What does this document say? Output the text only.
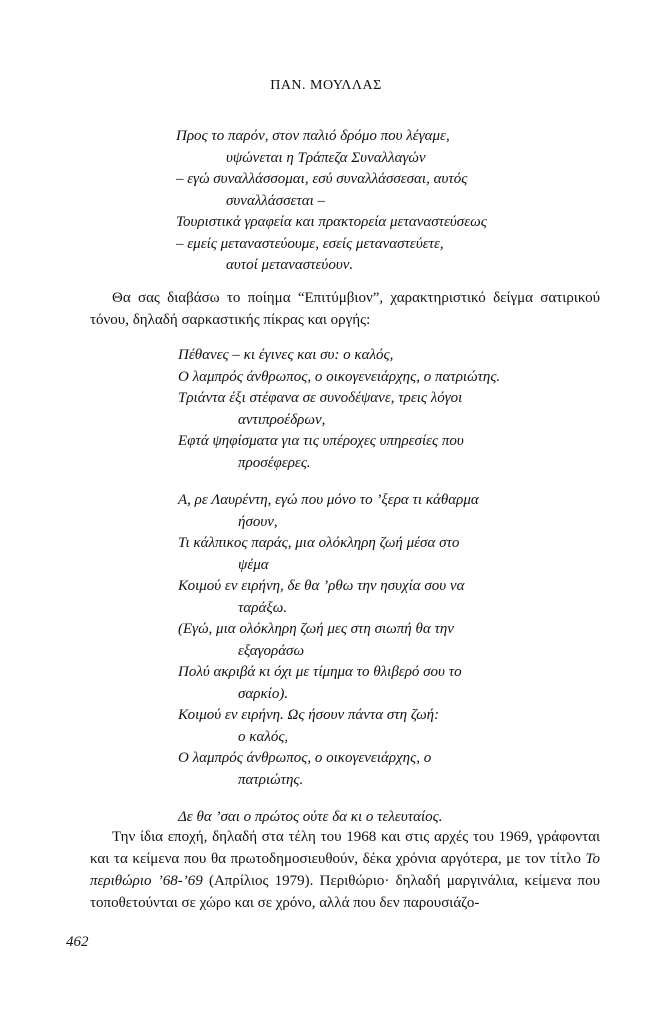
ΠΑΝ. ΜΟΥΛΛΑΣ
Προς το παρόν, στον παλιό δρόμο που λέγαμε,
υψώνεται η Τράπεζα Συναλλαγών
– εγώ συναλλάσσομαι, εσύ συναλλάσσεσαι, αυτός
συναλλάσσεται –
Τουριστικά γραφεία και πρακτορεία μεταναστεύσεως
– εμείς μεταναστεύουμε, εσείς μεταναστεύετε,
αυτοί μεταναστεύουν.

Θα σας διαβάσω το ποίημα “Επιτύμβιον”, χαρακτηριστικό δείγμα σατιρικού τόνου, δηλαδή σαρκαστικής πίκρας και οργής:

Πέθανες – κι έγινες και συ: ο καλός,
Ο λαμπρός άνθρωπος, ο οικογενειάρχης, ο πατριώτης.
Τριάντα έξι στέφανα σε συνοδέψανε, τρεις λόγοι
αντιπροέδρων,
Εφτά ψηφίσματα για τις υπέροχες υπηρεσίες που
προσέφερες.
Α, ρε Λαυρέντη, εγώ που μόνο το ’ξερα τι κάθαρμα
ήσουν,
Τι κάλπικος παράς, μια ολόκληρη ζωή μέσα στο
ψέμα
Κοιμού εν ειρήνη, δε θα ’ρθω την ησυχία σου να
ταράξω.
(Εγώ, μια ολόκληρη ζωή μες στη σιωπή θα την
εξαγοράσω
Πολύ ακριβά κι όχι με τίμημα το θλιβερό σου το
σαρκίο).
Κοιμού εν ειρήνη. Ως ήσουν πάντα στη ζωή:
ο καλός,
Ο λαμπρός άνθρωπος, ο οικογενειάρχης, ο
πατριώτης.
Δε θα ’σαι ο πρώτος ούτε δα κι ο τελευταίος.

Την ίδια εποχή, δηλαδή στα τέλη του 1968 και στις αρχές του 1969, γράφονται και τα κείμενα που θα πρωτοδημοσιευθούν, δέκα χρόνια αργότερα, με τον τίτλο Το περιθώριο ’68-’69 (Απρίλιος 1979). Περιθώριο· δηλαδή μαργινάλια, κείμενα που τοποθετούνται σε χώρο και σε χρόνο, αλλά που δεν παρουσιάζο-

462
